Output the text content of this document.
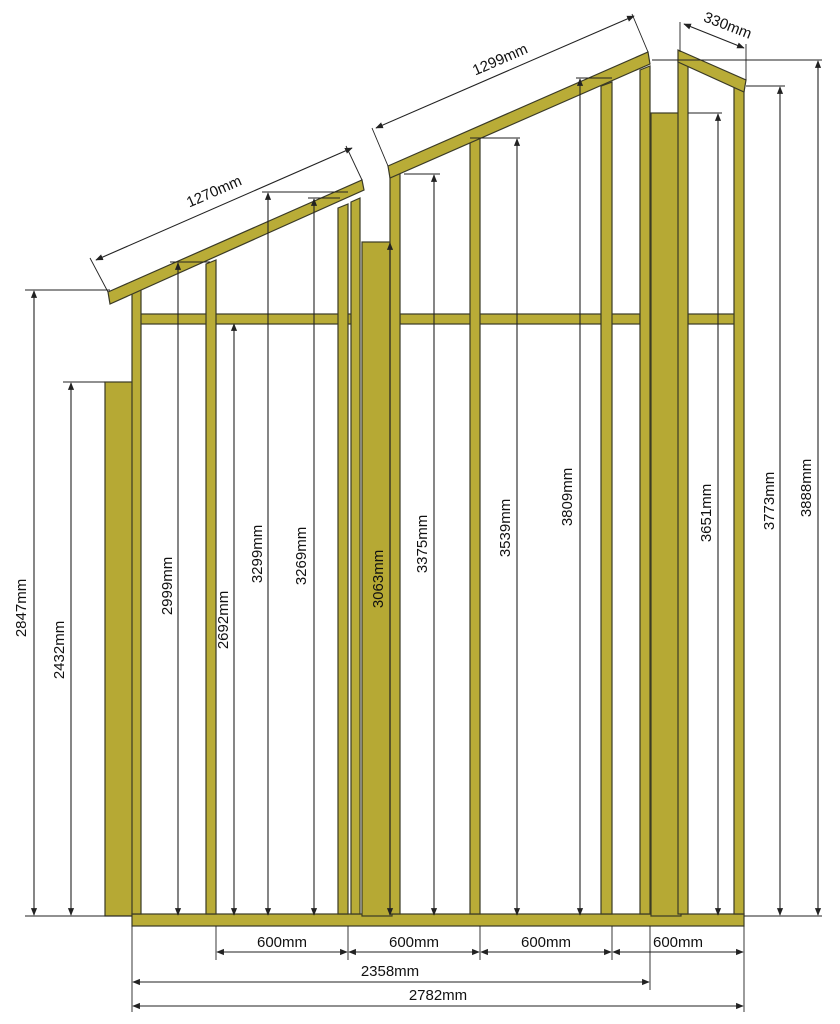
1270mm
1299mm
330mm
2847mm
2432mm
2999mm
2692mm
3299mm 3269mm	3063mm
3375mm	3539mm
3809mm	3651mm	3773mm 3888mm
600mm	600mm	600mm	600mm
2358mm
2782mm
